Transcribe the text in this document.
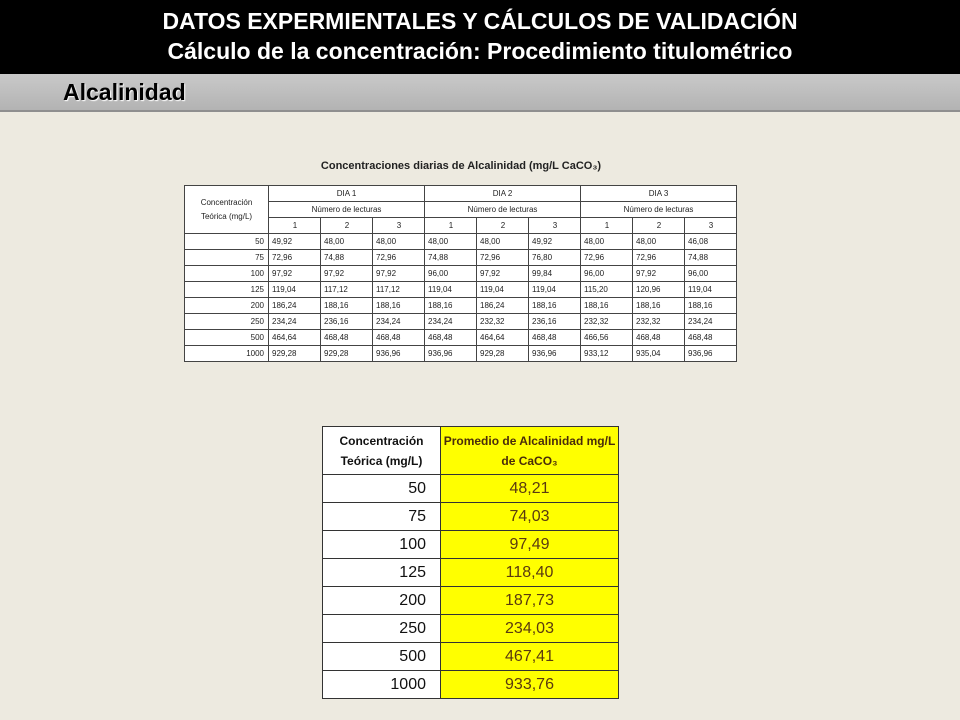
DATOS EXPERMIENTALES Y CÁLCULOS DE VALIDACIÓN
Cálculo de la concentración: Procedimiento titulométrico
Alcalinidad
Concentraciones diarias de Alcalinidad (mg/L CaCO₃)
Concentración Teórica (mg/L)	DIA 1			DIA 2			DIA 3		
	Número de lecturas			Número de lecturas			Número de lecturas		
	1	2	3	1	2	3	1	2	3
50	49,92	48,00	48,00	48,00	48,00	49,92	48,00	48,00	46,08
75	72,96	74,88	72,96	74,88	72,96	76,80	72,96	72,96	74,88
100	97,92	97,92	97,92	96,00	97,92	99,84	96,00	97,92	96,00
125	119,04	117,12	117,12	119,04	119,04	119,04	115,20	120,96	119,04
200	186,24	188,16	188,16	188,16	186,24	188,16	188,16	188,16	188,16
250	234,24	236,16	234,24	234,24	232,32	236,16	232,32	232,32	234,24
500	464,64	468,48	468,48	468,48	464,64	468,48	466,56	468,48	468,48
1000	929,28	929,28	936,96	936,96	929,28	936,96	933,12	935,04	936,96
Concentración Teórica (mg/L)	Promedio de Alcalinidad mg/L de CaCO₃
50	48,21
75	74,03
100	97,49
125	118,40
200	187,73
250	234,03
500	467,41
1000	933,76
